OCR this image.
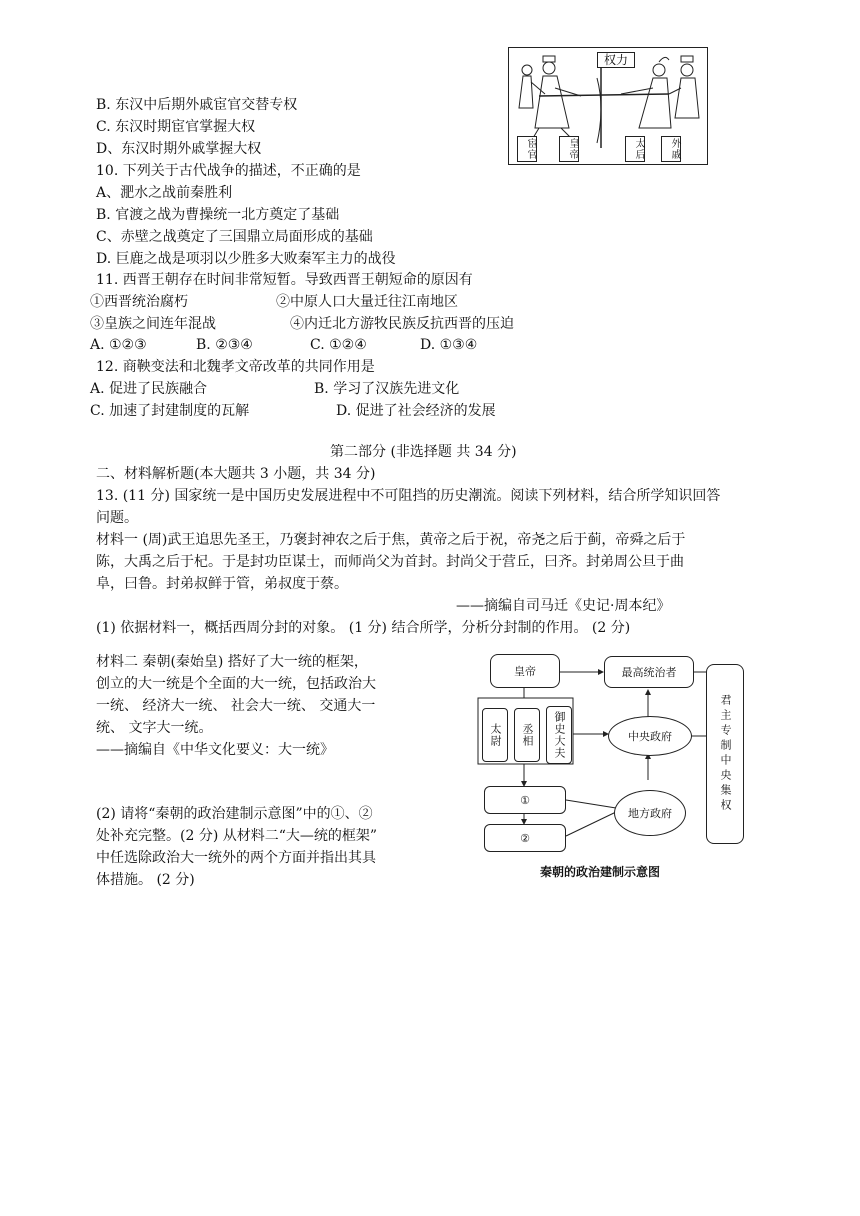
B. 东汉中后期外戚宦官交替专权
C. 东汉时期宦官掌握大权
D、东汉时期外戚掌握大权
10. 下列关于古代战争的描述，不正确的是
A、淝水之战前秦胜利
B. 官渡之战为曹操统一北方奠定了基础
C、赤壁之战奠定了三国鼎立局面形成的基础
D. 巨鹿之战是项羽以少胜多大败秦军主力的战役
11. 西晋王朝存在时间非常短暂。导致西晋王朝短命的原因有
①西晋统治腐朽	②中原人口大量迁往江南地区
③皇族之间连年混战	④内迁北方游牧民族反抗西晋的压迫
A. ①②③	B. ②③④	C. ①②④	D. ①③④
12. 商鞅变法和北魏孝文帝改革的共同作用是
A. 促进了民族融合	B. 学习了汉族先进文化
C. 加速了封建制度的瓦解	D. 促进了社会经济的发展
权力
宦官	皇帝	太后	外戚
第二部分 (非选择题 共 34 分)
二、材料解析题(本大题共 3 小题，共 34 分)
13. (11 分) 国家统一是中国历史发展进程中不可阻挡的历史潮流。阅读下列材料，结合所学知识回答
问题。
材料一 (周)武王追思先圣王，乃褒封神农之后于焦，黄帝之后于祝，帝尧之后于蓟，帝舜之后于
陈，大禹之后于杞。于是封功臣谋士，而师尚父为首封。封尚父于营丘，曰齐。封弟周公旦于曲
阜，曰鲁。封弟叔鲜于管，弟叔度于蔡。
——摘编自司马迁《史记·周本纪》
(1) 依据材料一，概括西周分封的对象。 (1 分) 结合所学，分析分封制的作用。 (2 分)
材料二 秦朝(秦始皇) 搭好了大一统的框架，
创立的大一统是个全面的大一统，包括政治大
一统、 经济大一统、 社会大一统、 交通大一
统、 文字大一统。
——摘编自《中华文化要义：大一统》
(2) 请将“秦朝的政治建制示意图”中的①、②
处补充完整。(2 分) 从材料二“大—统的框架”
中任选除政治大一统外的两个方面并指出其具
体措施。 (2 分)
皇帝	最高统治者
太尉	丞相	御史大夫	中央政府
地方政府
①
②
君主专制中央集权
秦朝的政治建制示意图
